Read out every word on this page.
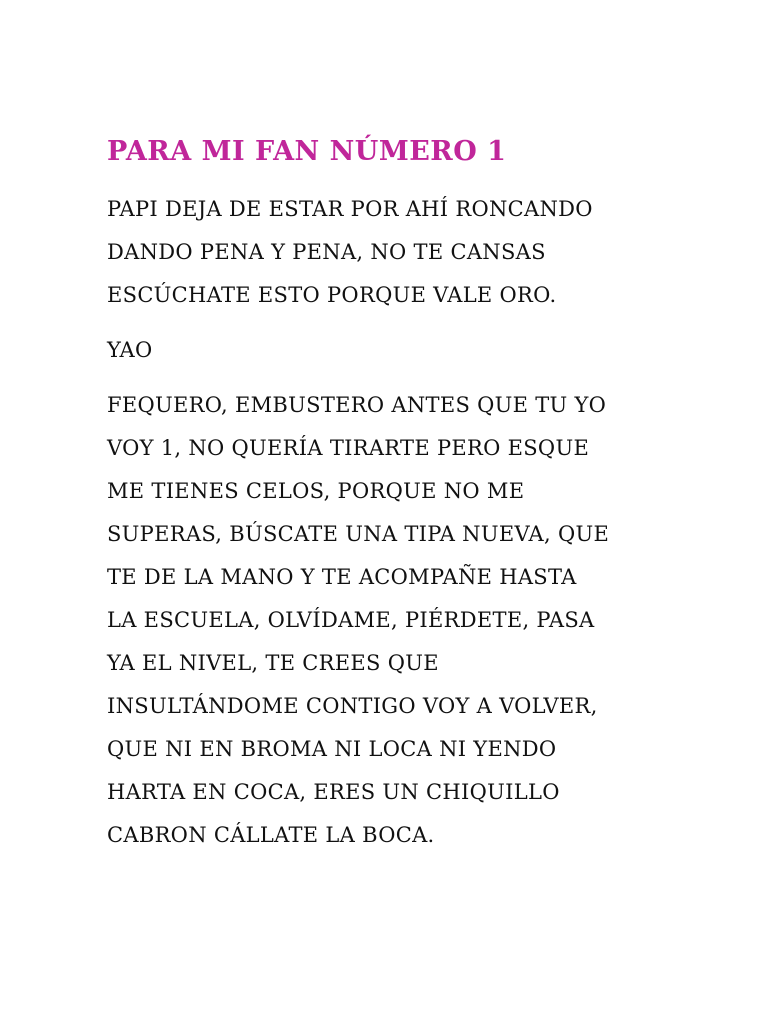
PARA MI FAN NÚMERO 1

PAPI DEJA DE ESTAR POR AHÍ RONCANDO
DANDO PENA Y PENA, NO TE CANSAS
ESCÚCHATE ESTO PORQUE VALE ORO.

YAO

FEQUERO, EMBUSTERO ANTES QUE TU YO
VOY 1, NO QUERÍA TIRARTE PERO ESQUE
ME TIENES CELOS, PORQUE NO ME
SUPERAS, BÚSCATE UNA TIPA NUEVA, QUE
TE DE LA MANO Y TE ACOMPAÑE HASTA
LA ESCUELA, OLVÍDAME, PIÉRDETE, PASA
YA EL NIVEL, TE CREES QUE
INSULTÁNDOME CONTIGO VOY A VOLVER,
QUE NI EN BROMA NI LOCA NI YENDO
HARTA EN COCA, ERES UN CHIQUILLO
CABRON CÁLLATE LA BOCA.
